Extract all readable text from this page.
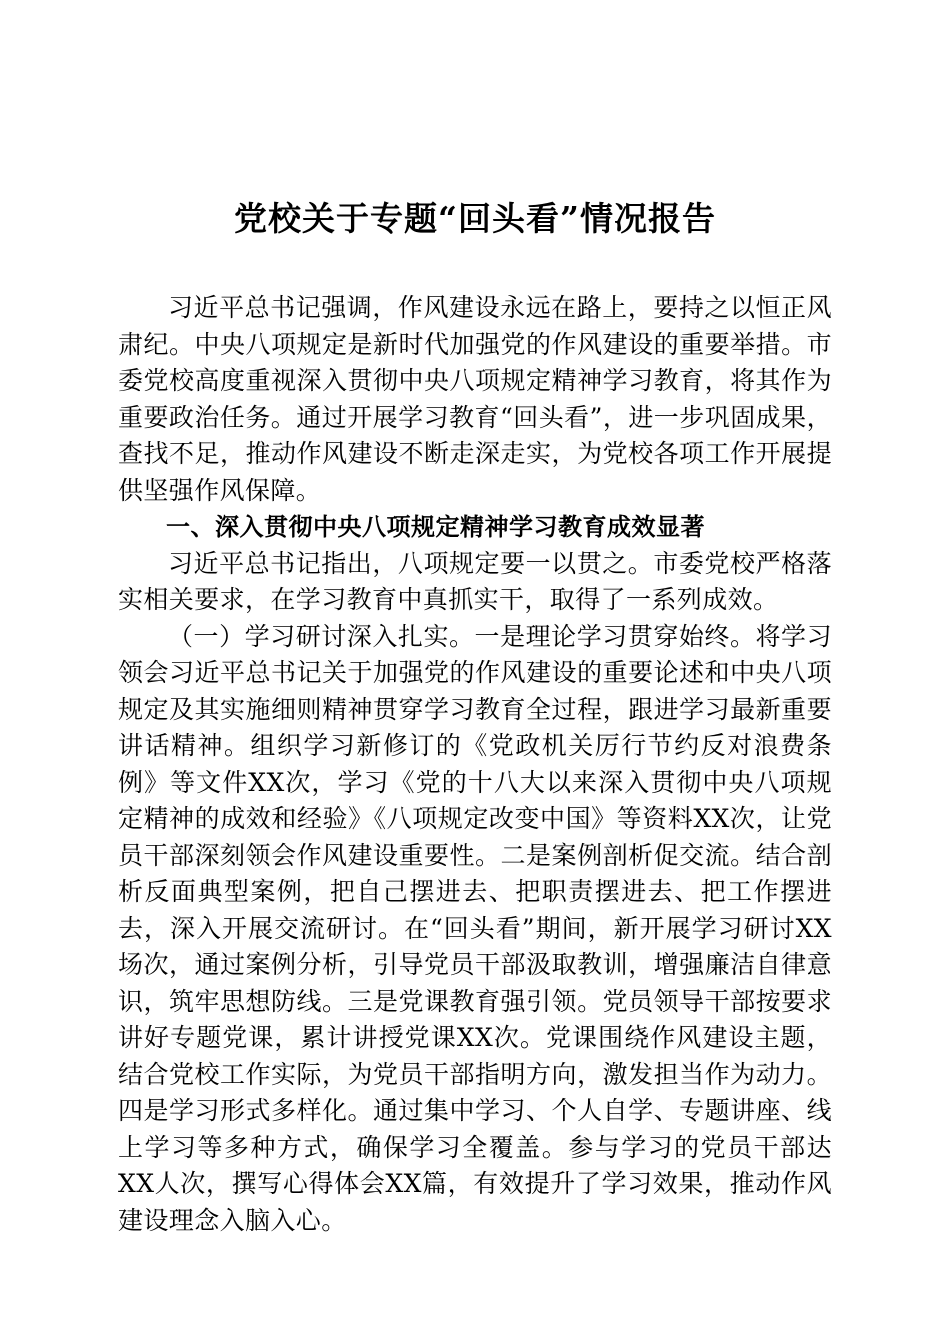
党校关于专题“回头看”情况报告

习近平总书记强调，作风建设永远在路上，要持之以恒正风肃纪。中央八项规定是新时代加强党的作风建设的重要举措。市委党校高度重视深入贯彻中央八项规定精神学习教育，将其作为重要政治任务。通过开展学习教育“回头看”，进一步巩固成果，查找不足，推动作风建设不断走深走实，为党校各项工作开展提供坚强作风保障。

一、深入贯彻中央八项规定精神学习教育成效显著

习近平总书记指出，八项规定要一以贯之。市委党校严格落实相关要求，在学习教育中真抓实干，取得了一系列成效。

（一）学习研讨深入扎实。一是理论学习贯穿始终。将学习领会习近平总书记关于加强党的作风建设的重要论述和中央八项规定及其实施细则精神贯穿学习教育全过程，跟进学习最新重要讲话精神。组织学习新修订的《党政机关厉行节约反对浪费条例》等文件XX次，学习《党的十八大以来深入贯彻中央八项规定精神的成效和经验》《八项规定改变中国》等资料XX次，让党员干部深刻领会作风建设重要性。二是案例剖析促交流。结合剖析反面典型案例，把自己摆进去、把职责摆进去、把工作摆进去，深入开展交流研讨。在“回头看”期间，新开展学习研讨XX场次，通过案例分析，引导党员干部汲取教训，增强廉洁自律意识，筑牢思想防线。三是党课教育强引领。党员领导干部按要求讲好专题党课，累计讲授党课XX次。党课围绕作风建设主题，结合党校工作实际，为党员干部指明方向，激发担当作为动力。四是学习形式多样化。通过集中学习、个人自学、专题讲座、线上学习等多种方式，确保学习全覆盖。参与学习的党员干部达XX人次，撰写心得体会XX篇，有效提升了学习效果，推动作风建设理念入脑入心。
